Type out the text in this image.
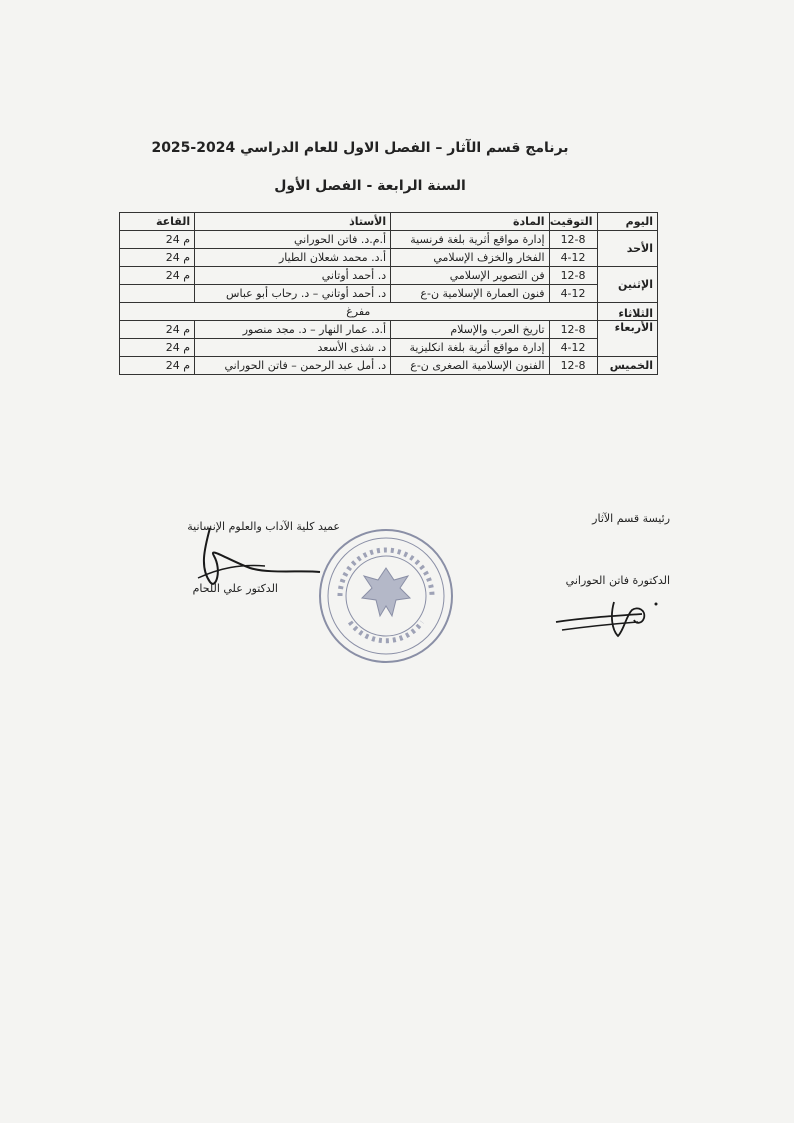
برنامج قسم الآثار – الفصل الاول للعام الدراسي 2024-2025
السنة الرابعة - الفصل الأول
اليوم	التوقيت	المادة	الأستاذ	القاعة
الأحد	12-8	إدارة مواقع أثرية بلغة فرنسية	أ.م.د. فاتن الحوراني	م 24
	4-12	الفخار والخزف الإسلامي	أ.د. محمد شعلان الطيار	م 24
الإثنين	12-8	فن التصوير الإسلامي	د. أحمد أوتاني	م 24
	4-12	فنون العمارة الإسلامية ن-ع	د. أحمد أوتاني – د. رحاب أبو عباس	
الثلاثاء	مفرغ			
الأربعاء	12-8	تاريخ العرب والإسلام	أ.د. عمار النهار – د. مجد منصور	م 24
	4-12	إدارة مواقع أثرية بلغة انكليزية	د. شذى الأسعد	م 24
الخميس	12-8	الفنون الإسلامية الصغرى ن-ع	د. أمل عبد الرحمن – فاتن الحوراني	م 24
عميد كلية الآداب والعلوم الإنسانية
الدكتور علي اللحام
رئيسة قسم الآثار
الدكتورة فاتن الحوراني
